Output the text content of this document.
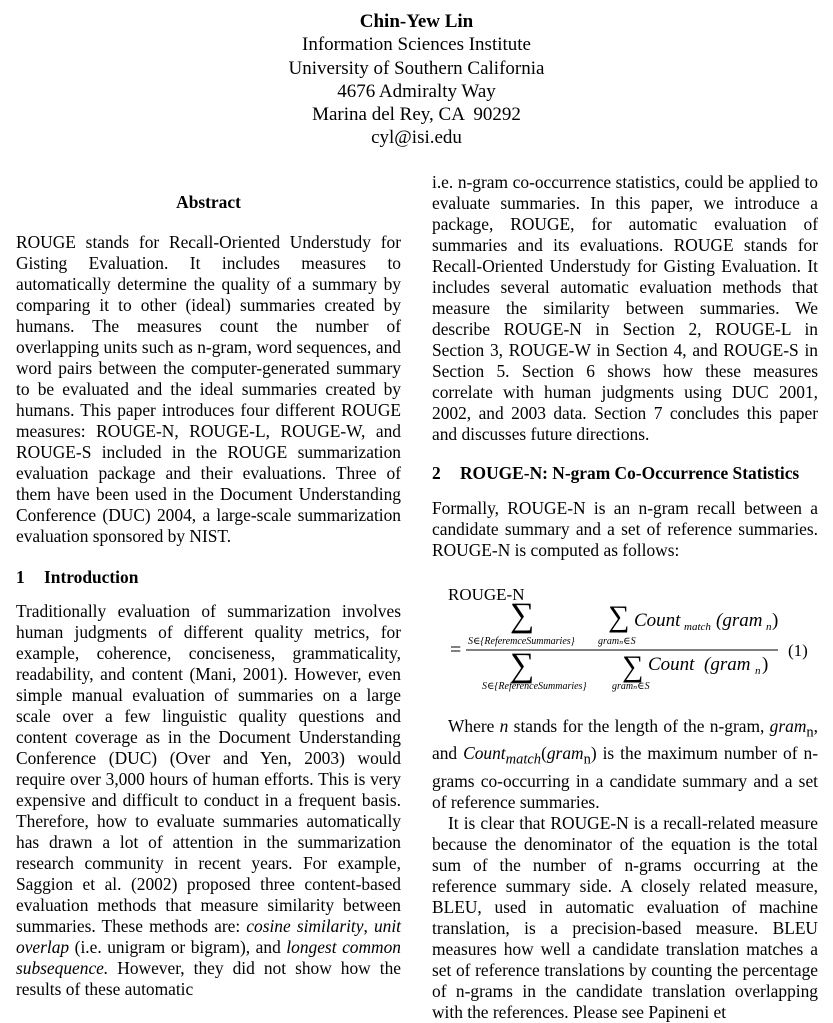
Chin-Yew Lin
Information Sciences Institute
University of Southern California
4676 Admiralty Way
Marina del Rey, CA  90292
cyl@isi.edu
Abstract

ROUGE stands for Recall-Oriented Understudy for Gisting Evaluation. It includes measures to automatically determine the quality of a summary by comparing it to other (ideal) summaries created by humans. The measures count the number of overlapping units such as n-gram, word sequences, and word pairs between the computer-generated summary to be evaluated and the ideal summaries created by humans. This paper introduces four different ROUGE measures: ROUGE-N, ROUGE-L, ROUGE-W, and ROUGE-S included in the ROUGE summarization evaluation package and their evaluations. Three of them have been used in the Document Understanding Conference (DUC) 2004, a large-scale summarization evaluation sponsored by NIST.

1 Introduction

Traditionally evaluation of summarization involves human judgments of different quality metrics, for example, coherence, conciseness, grammaticality, readability, and content (Mani, 2001). However, even simple manual evaluation of summaries on a large scale over a few linguistic quality questions and content coverage as in the Document Understanding Conference (DUC) (Over and Yen, 2003) would require over 3,000 hours of human efforts. This is very expensive and difficult to conduct in a frequent basis. Therefore, how to evaluate summaries automatically has drawn a lot of attention in the summarization research community in recent years. For example, Saggion et al. (2002) proposed three content-based evaluation methods that measure similarity between summaries. These methods are: cosine similarity, unit overlap (i.e. unigram or bigram), and longest common subsequence. However, they did not show how the results of these automatic

i.e. n-gram co-occurrence statistics, could be applied to evaluate summaries. In this paper, we introduce a package, ROUGE, for automatic evaluation of summaries and its evaluations. ROUGE stands for Recall-Oriented Understudy for Gisting Evaluation. It includes several automatic evaluation methods that measure the similarity between summaries. We describe ROUGE-N in Section 2, ROUGE-L in Section 3, ROUGE-W in Section 4, and ROUGE-S in Section 5. Section 6 shows how these measures correlate with human judgments using DUC 2001, 2002, and 2003 data. Section 7 concludes this paper and discusses future directions.

2 ROUGE-N: N-gram Co-Occurrence Statistics

Formally, ROUGE-N is an n-gram recall between a candidate summary and a set of reference summaries. ROUGE-N is computed as follows:

ROUGE-N
=
∑
S∈{ReferemceSummaries}
∑
gramₙ∈S
Count match (gram n )
∑
S∈{ReferenceSummaries}
∑
gramₙ∈S
Count (gram n )
(1)

Where n stands for the length of the n-gram, gram$_n$, and Count$_{match}$(gram$_n$) is the maximum number of n-grams co-occurring in a candidate summary and a set of reference summaries.

It is clear that ROUGE-N is a recall-related measure because the denominator of the equation is the total sum of the number of n-grams occurring at the reference summary side. A closely related measure, BLEU, used in automatic evaluation of machine translation, is a precision-based measure. BLEU measures how well a candidate translation matches a set of reference translations by counting the percentage of n-grams in the candidate translation overlapping with the references. Please see Papineni et
